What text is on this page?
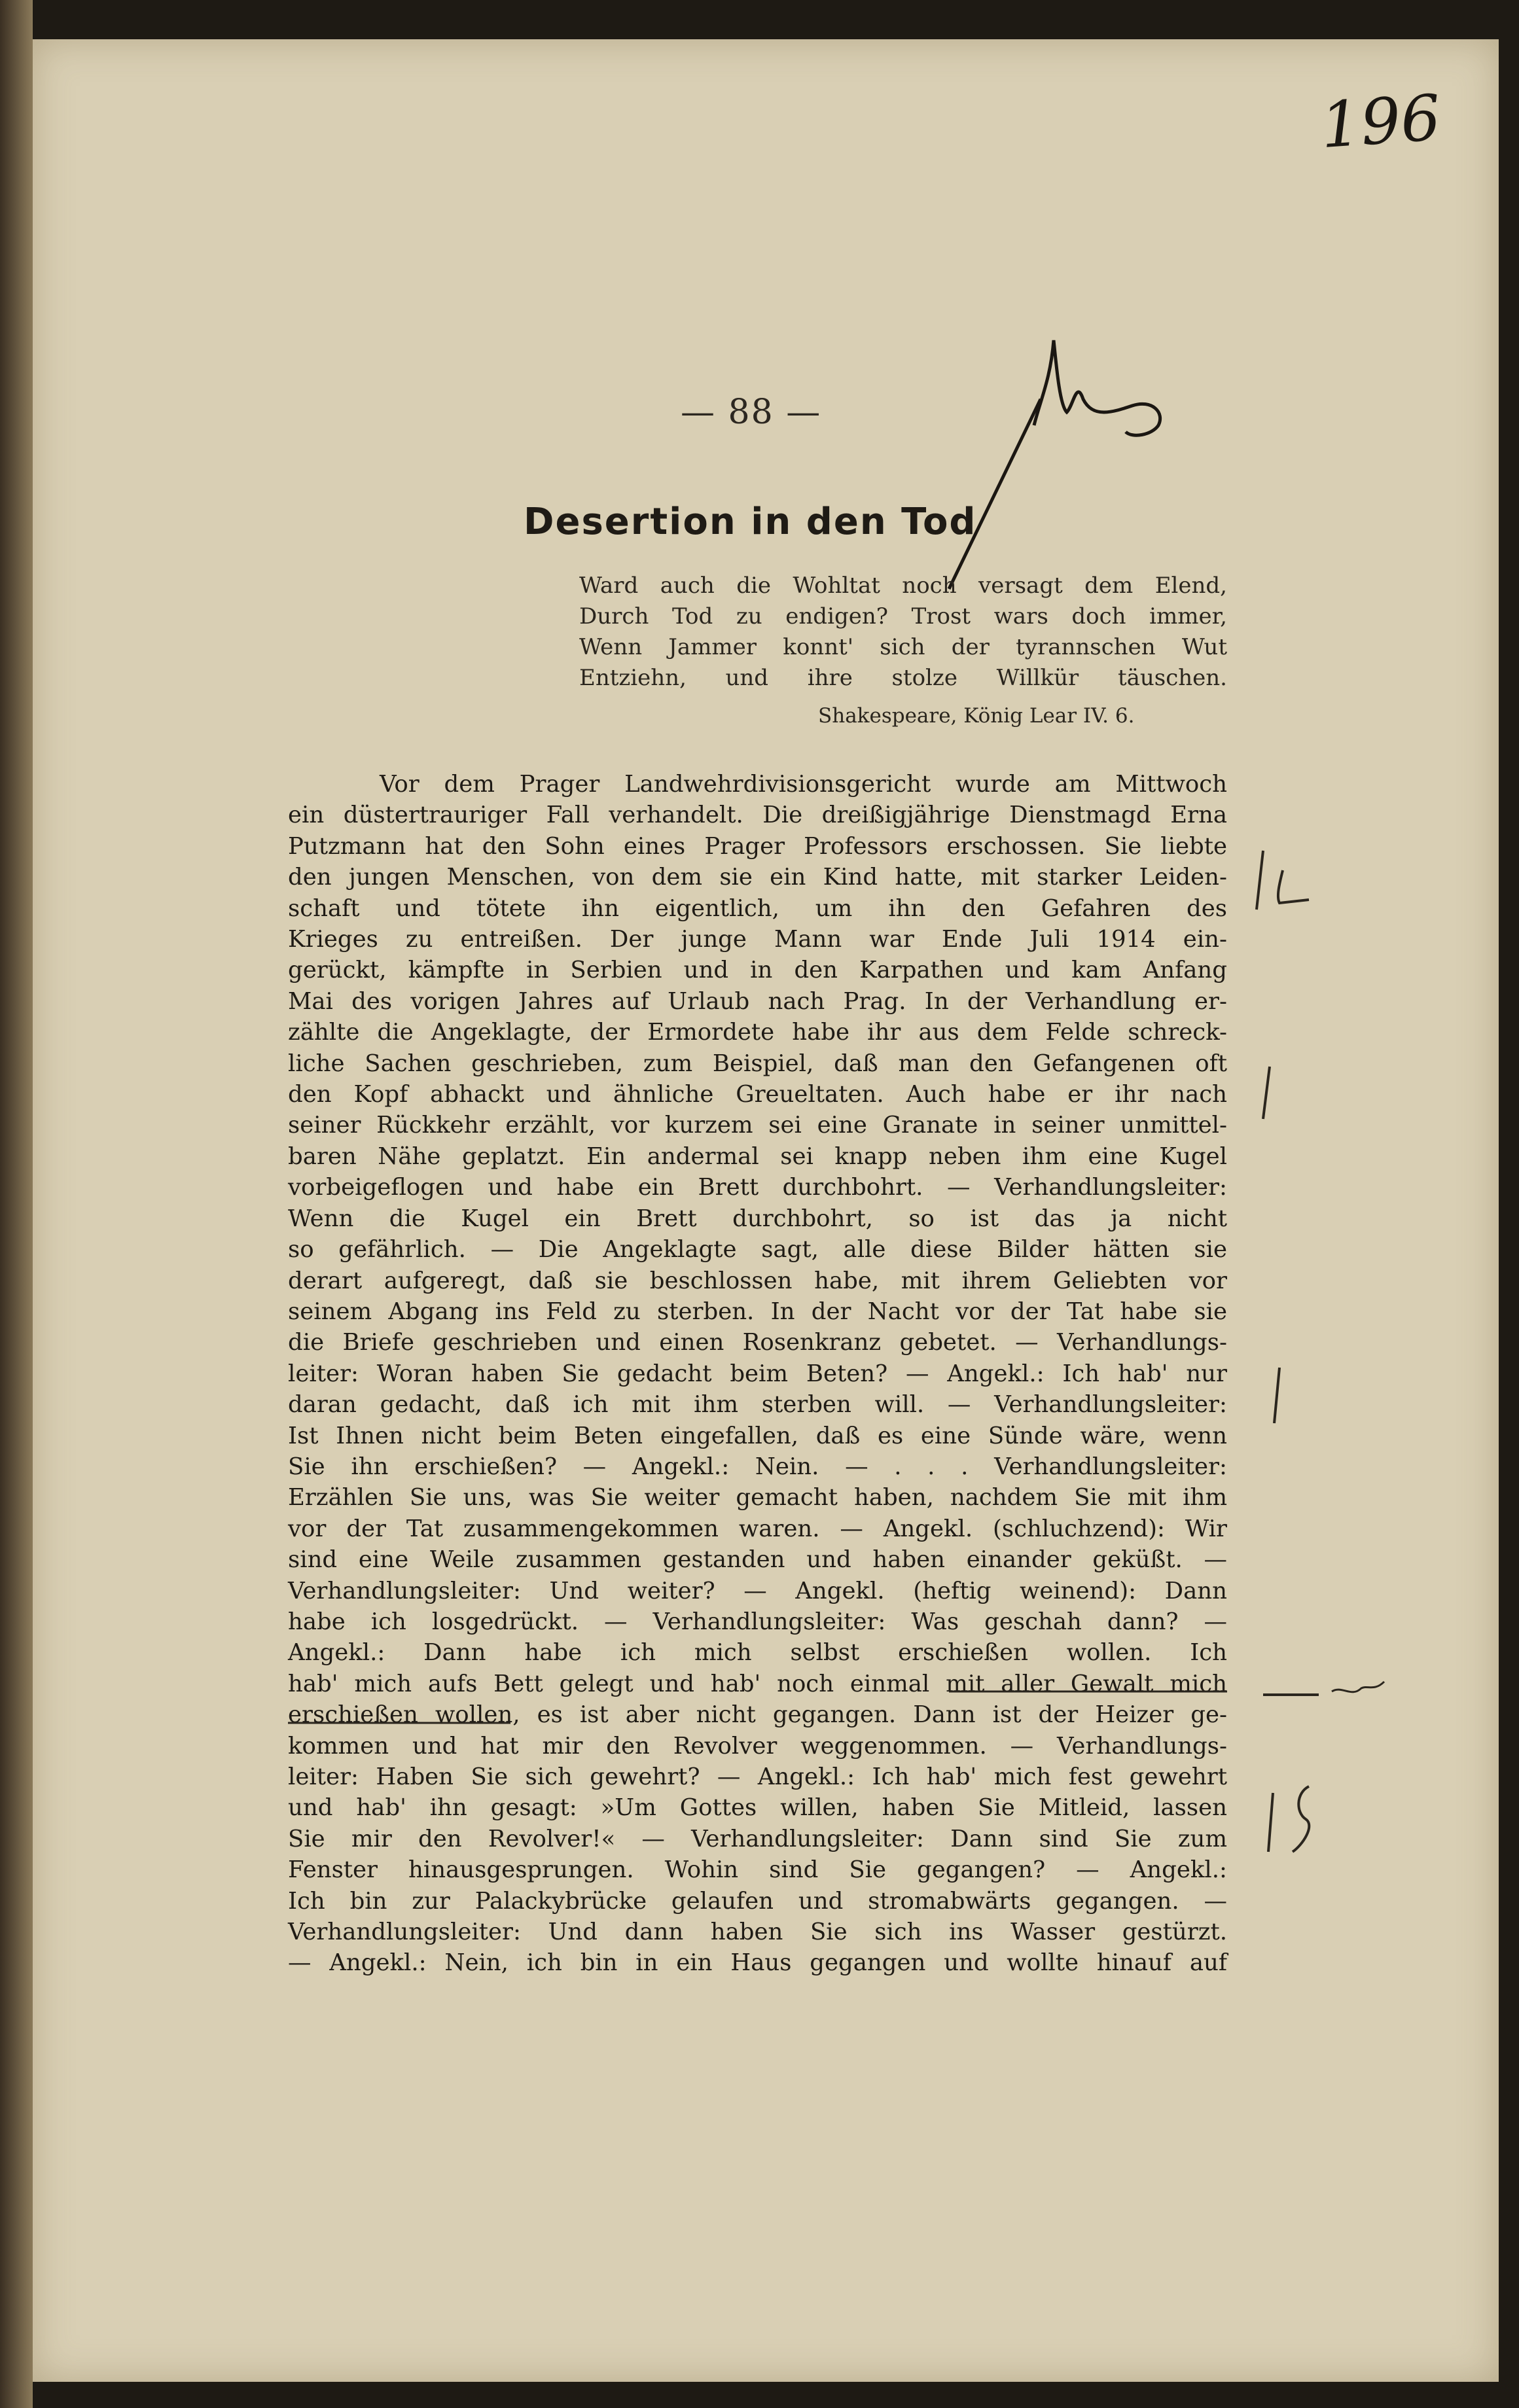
196
— 88 —
Desertion in den Tod
Ward auch die Wohltat noch versagt dem Elend,
Durch Tod zu endigen? Trost wars doch immer,
Wenn Jammer konnt' sich der tyrannschen Wut
Entziehn, und ihre stolze Willkür täuschen.
Shakespeare, König Lear IV. 6.
Vor dem Prager Landwehrdivisionsgericht wurde am Mittwoch
ein düstertrauriger Fall verhandelt. Die dreißigjährige Dienstmagd Erna
Putzmann hat den Sohn eines Prager Professors erschossen. Sie liebte
den jungen Menschen, von dem sie ein Kind hatte, mit starker Leiden-
schaft und tötete ihn eigentlich, um ihn den Gefahren des
Krieges zu entreißen. Der junge Mann war Ende Juli 1914 ein-
gerückt, kämpfte in Serbien und in den Karpathen und kam Anfang
Mai des vorigen Jahres auf Urlaub nach Prag. In der Verhandlung er-
zählte die Angeklagte, der Ermordete habe ihr aus dem Felde schreck-
liche Sachen geschrieben, zum Beispiel, daß man den Gefangenen oft
den Kopf abhackt und ähnliche Greueltaten. Auch habe er ihr nach
seiner Rückkehr erzählt, vor kurzem sei eine Granate in seiner unmittel-
baren Nähe geplatzt. Ein andermal sei knapp neben ihm eine Kugel
vorbeigeflogen und habe ein Brett durchbohrt. — Verhandlungsleiter:
Wenn die Kugel ein Brett durchbohrt, so ist das ja nicht
so gefährlich. — Die Angeklagte sagt, alle diese Bilder hätten sie
derart aufgeregt, daß sie beschlossen habe, mit ihrem Geliebten vor
seinem Abgang ins Feld zu sterben. In der Nacht vor der Tat habe sie
die Briefe geschrieben und einen Rosenkranz gebetet. — Verhandlungs-
leiter: Woran haben Sie gedacht beim Beten? — Angekl.: Ich hab' nur
daran gedacht, daß ich mit ihm sterben will. — Verhandlungsleiter:
Ist Ihnen nicht beim Beten eingefallen, daß es eine Sünde wäre, wenn
Sie ihn erschießen? — Angekl.: Nein. — . . . Verhandlungsleiter:
Erzählen Sie uns, was Sie weiter gemacht haben, nachdem Sie mit ihm
vor der Tat zusammengekommen waren. — Angekl. (schluchzend): Wir
sind eine Weile zusammen gestanden und haben einander geküßt. —
Verhandlungsleiter: Und weiter? — Angekl. (heftig weinend): Dann
habe ich losgedrückt. — Verhandlungsleiter: Was geschah dann? —
Angekl.: Dann habe ich mich selbst erschießen wollen. Ich
hab' mich aufs Bett gelegt und hab' noch einmal mit aller Gewalt mich
erschießen wollen, es ist aber nicht gegangen. Dann ist der Heizer ge-
kommen und hat mir den Revolver weggenommen. — Verhandlungs-
leiter: Haben Sie sich gewehrt? — Angekl.: Ich hab' mich fest gewehrt
und hab' ihn gesagt: »Um Gottes willen, haben Sie Mitleid, lassen
Sie mir den Revolver!« — Verhandlungsleiter: Dann sind Sie zum
Fenster hinausgesprungen. Wohin sind Sie gegangen? — Angekl.:
Ich bin zur Palackybrücke gelaufen und stromabwärts gegangen. —
Verhandlungsleiter: Und dann haben Sie sich ins Wasser gestürzt.
— Angekl.: Nein, ich bin in ein Haus gegangen und wollte hinauf auf
